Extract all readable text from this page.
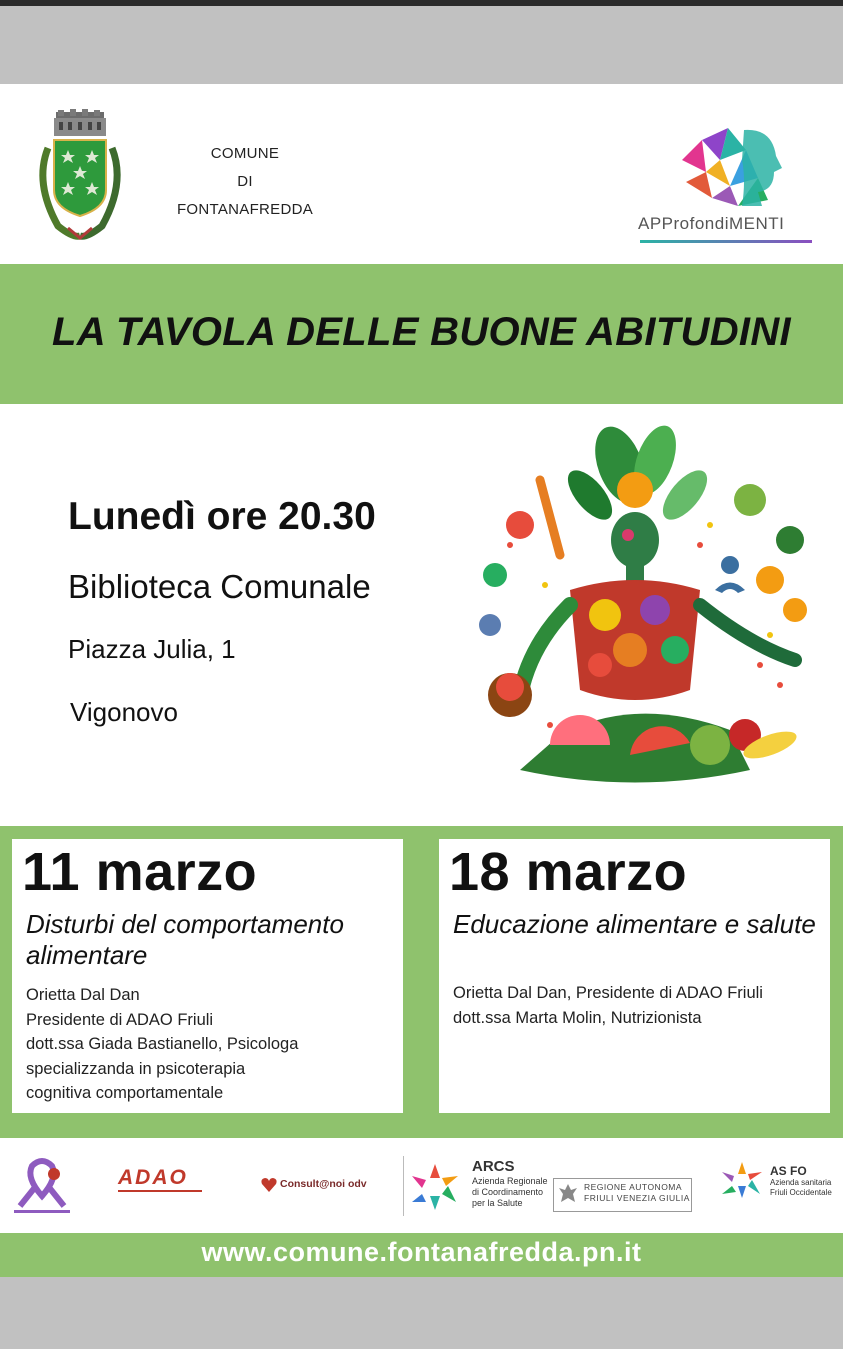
COMUNE
DI
FONTANAFREDDA
APProfondiMENTI
LA TAVOLA DELLE BUONE ABITUDINI
Lunedì ore 20.30
Biblioteca Comunale
Piazza Julia, 1
Vigonovo
11 marzo
Disturbi del comportamento alimentare
Orietta Dal Dan
Presidente di ADAO Friuli
dott.ssa Giada Bastianello, Psicologa
specializzanda in psicoterapia
cognitiva comportamentale
18 marzo
Educazione alimentare e salute
Orietta Dal Dan, Presidente di ADAO Friuli
dott.ssa Marta Molin, Nutrizionista
ADAO	Consult@noi odv
ARCS
Azienda Regionale
di Coordinamento
per la Salute
REGIONE AUTONOMA
FRIULI VENEZIA GIULIA
AS FO
Azienda sanitaria
Friuli Occidentale
www.comune.fontanafredda.pn.it
